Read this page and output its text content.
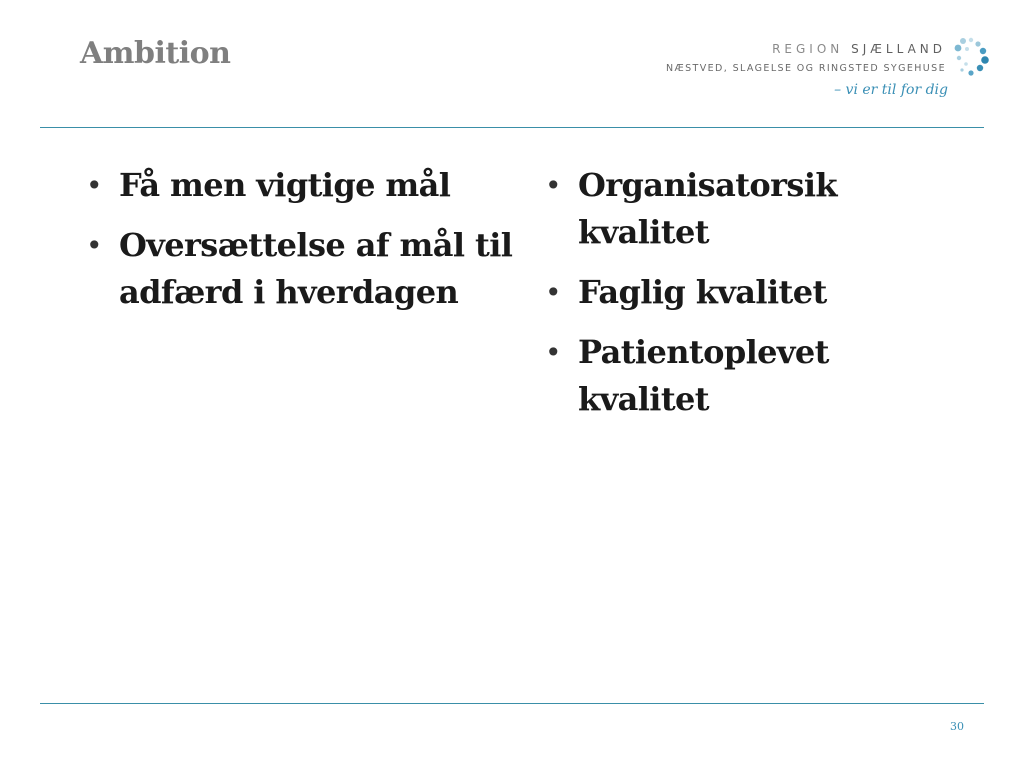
Ambition	REGION SJÆLLAND
NÆSTVED, SLAGELSE OG RINGSTED SYGEHUSE
– vi er til for dig
• Få men vigtige mål
• Oversættelse af mål til adfærd i hverdagen
• Organisatorsik kvalitet
• Faglig kvalitet
• Patientoplevet kvalitet
30
